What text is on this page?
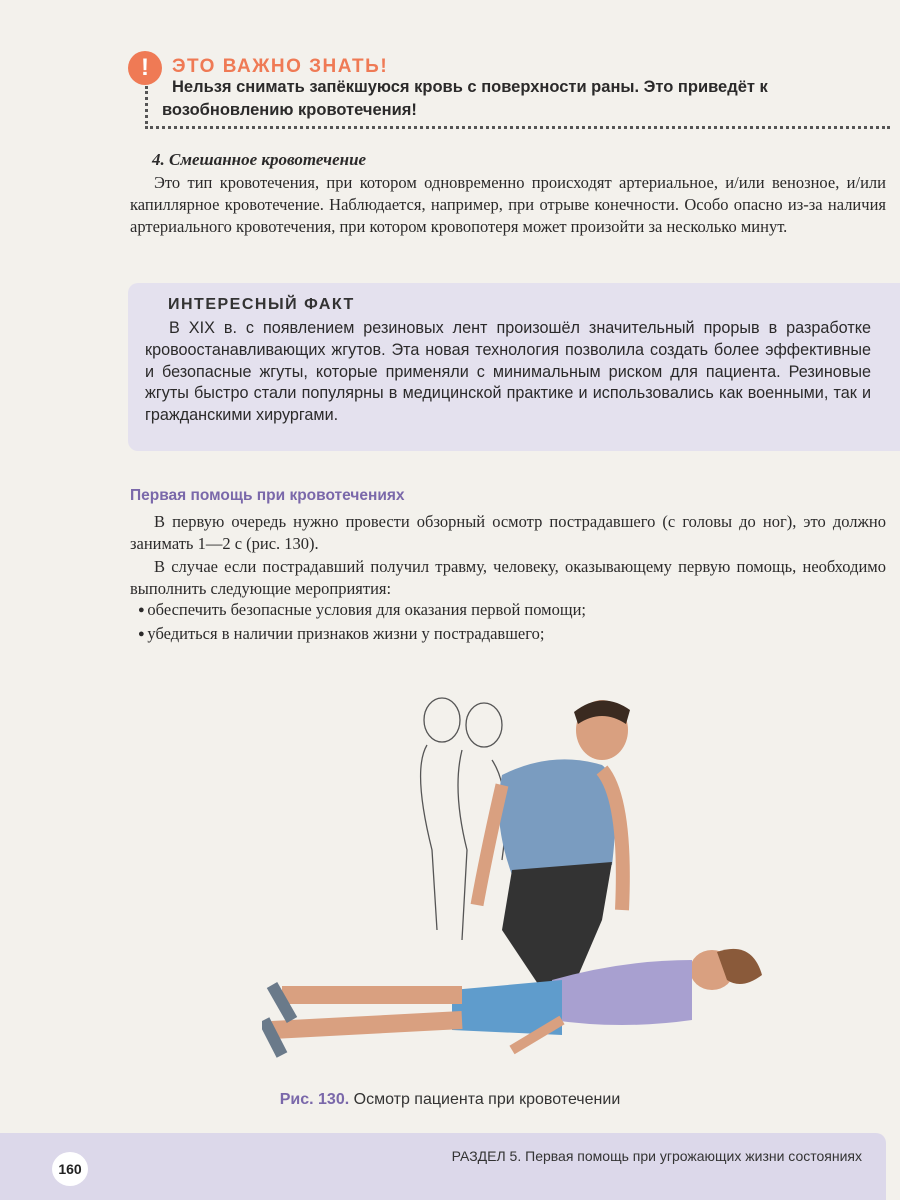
!	ЭТО ВАЖНО ЗНАТЬ!
Нельзя снимать запёкшуюся кровь с поверхности раны. Это приведёт к возобновлению кровотечения!
4. Смешанное кровотечение

Это тип кровотечения, при котором одновременно происходят артериальное, и/или венозное, и/или капиллярное кровотечение. Наблюдается, например, при отрыве конечности. Особо опасно из-за наличия артериального кровотечения, при котором кровопотеря может произойти за несколько минут.

ИНТЕРЕСНЫЙ ФАКТ
В XIX в. с появлением резиновых лент произошёл значительный прорыв в разработке кровоостанавливающих жгутов. Эта новая технология позволила создать более эффективные и безопасные жгуты, которые применяли с минимальным риском для пациента. Резиновые жгуты быстро стали популярны в медицинской практике и использовались как военными, так и гражданскими хирургами.
Первая помощь при кровотечениях

В первую очередь нужно провести обзорный осмотр пострадавшего (с головы до ног), это должно занимать 1—2 с (рис. 130).

В случае если пострадавший получил травму, человеку, оказывающему первую помощь, необходимо выполнить следующие мероприятия:

● обеспечить безопасные условия для оказания первой помощи;
● убедиться в наличии признаков жизни у пострадавшего;
Рис. 130. Осмотр пациента при кровотечении
160
РАЗДЕЛ 5. Первая помощь при угрожающих жизни состояниях
